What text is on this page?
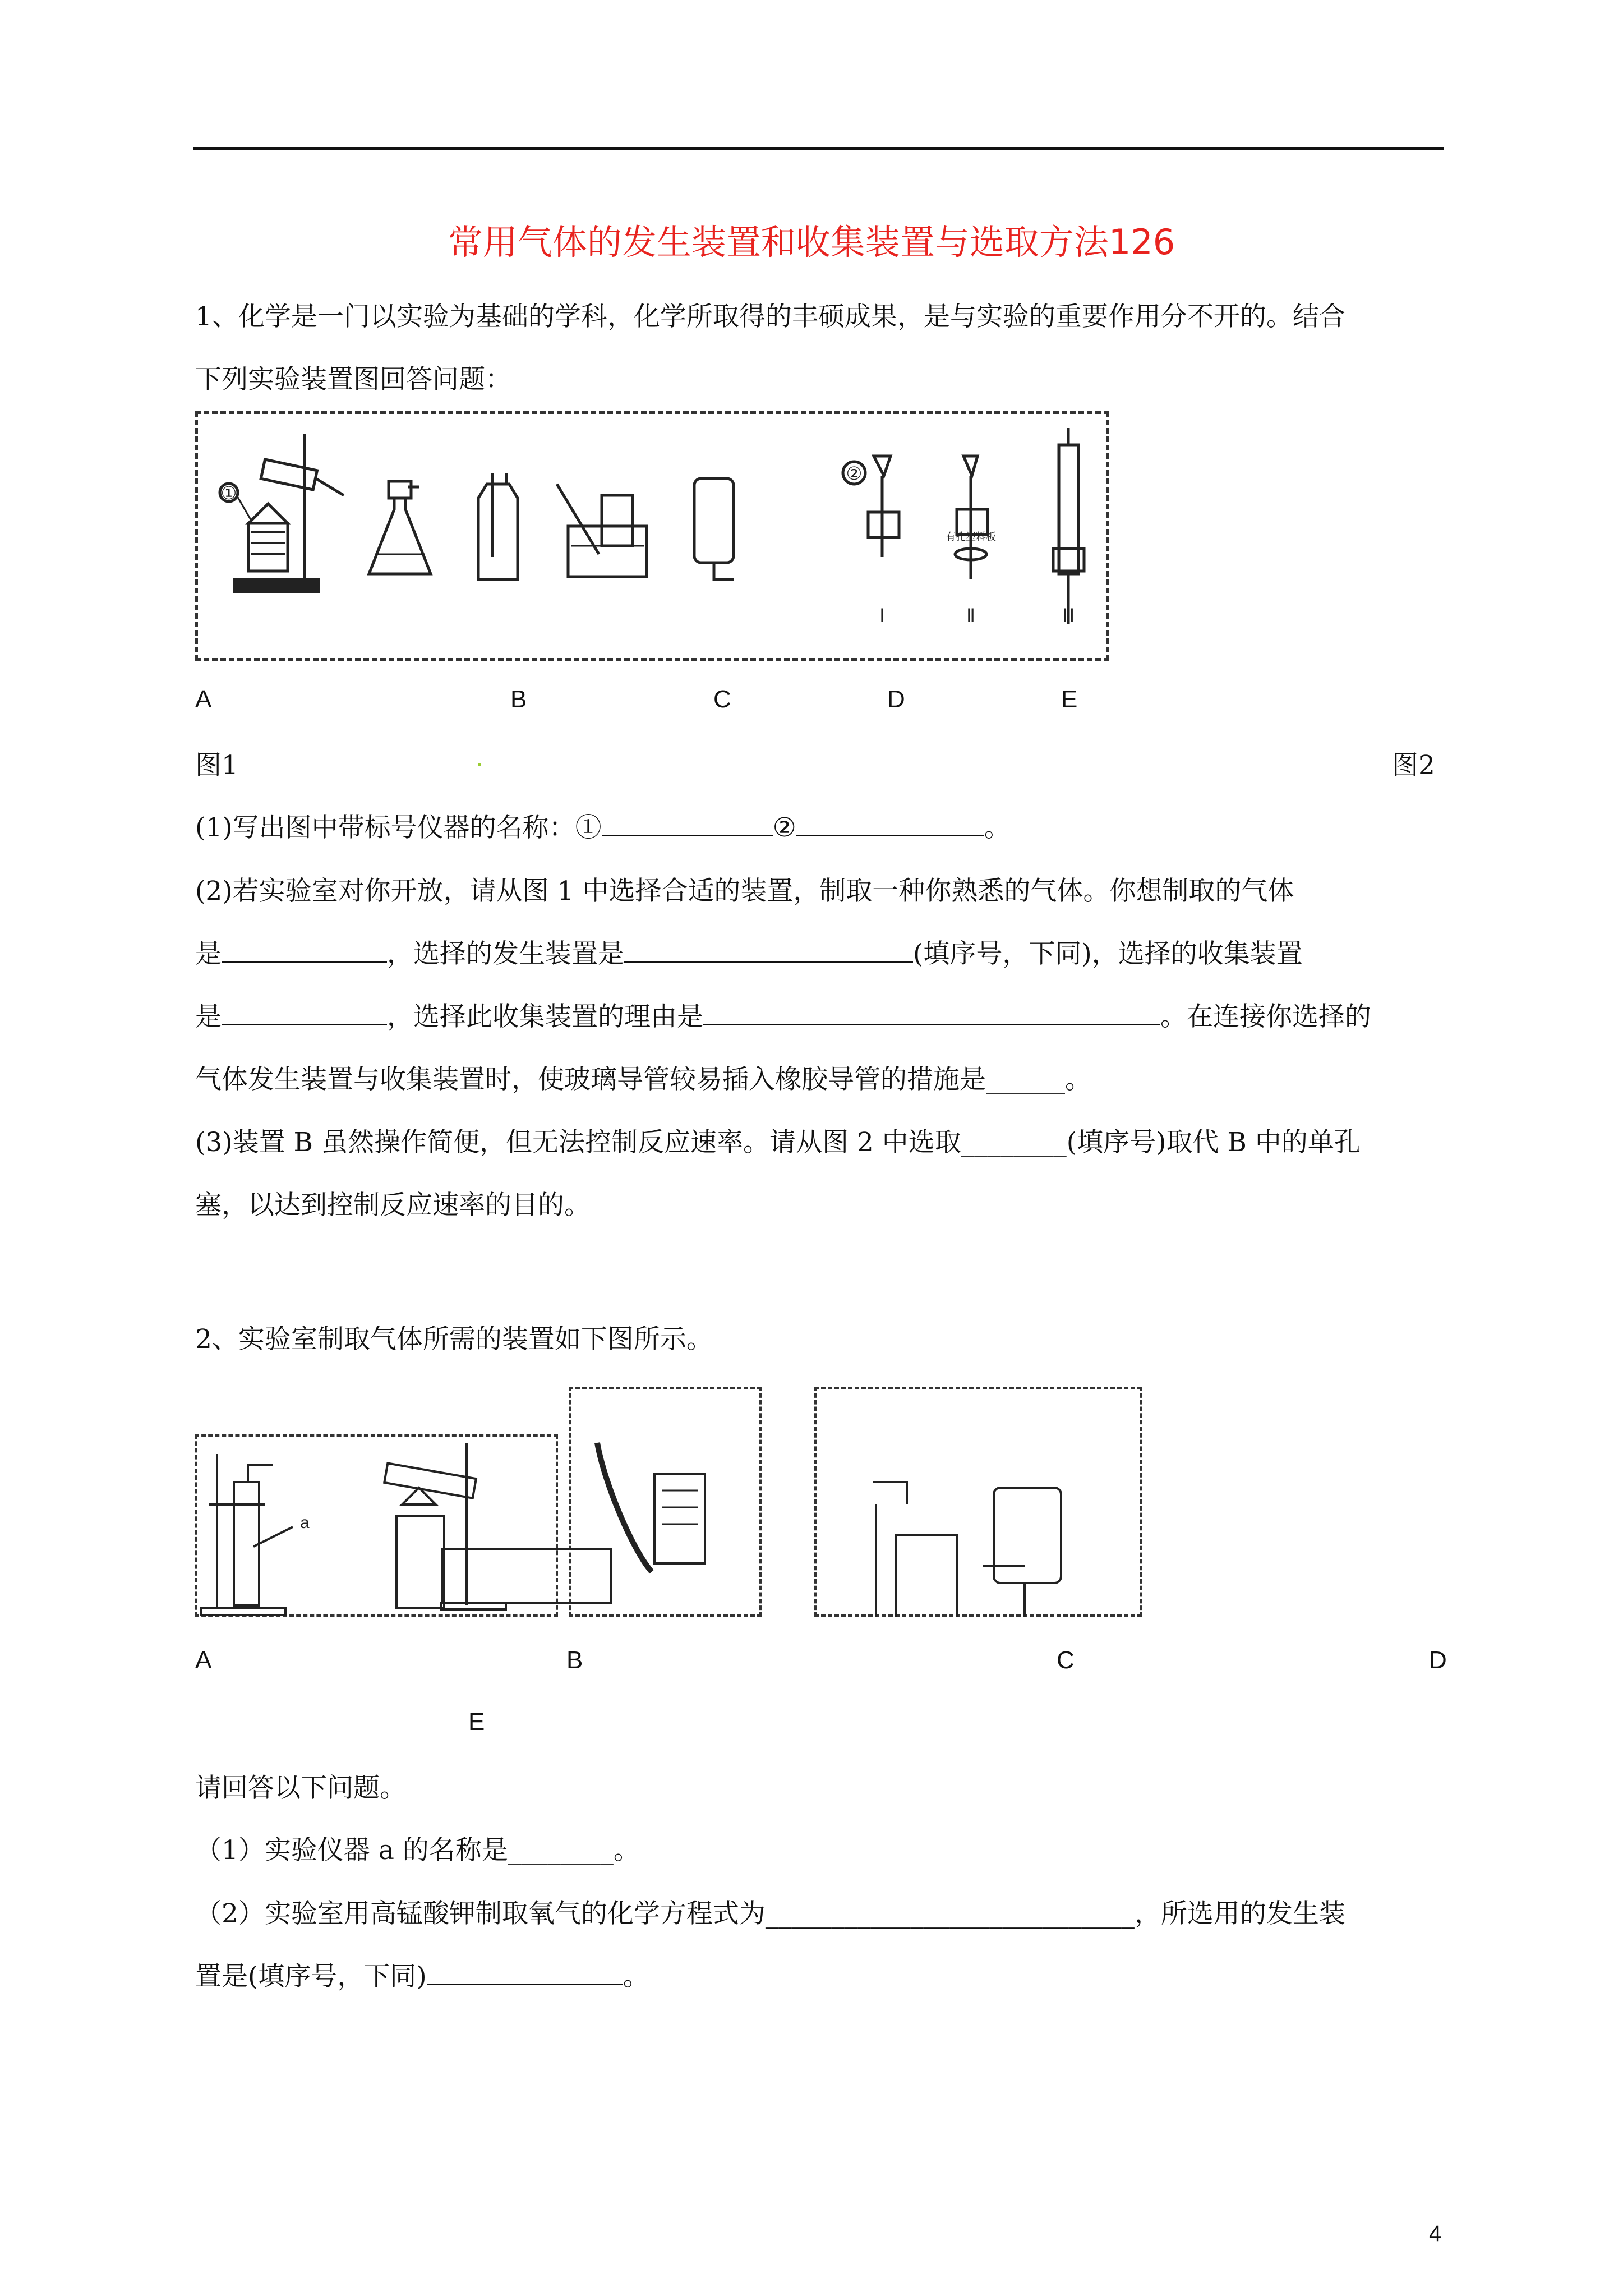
常用气体的发生装置和收集装置与选取方法126
1、化学是一门以实验为基础的学科，化学所取得的丰硕成果，是与实验的重要作用分不开的。结合
下列实验装置图回答问题：
①
②
Ⅰ	Ⅱ	Ⅲ
有孔塑料板
A	B	C	D	E
图1	图2
(1)写出图中带标号仪器的名称：①	②	。
(2)若实验室对你开放，请从图 1 中选择合适的装置，制取一种你熟悉的气体。你想制取的气体
是	，选择的发生装置是	(填序号，下同)，选择的收集装置
是	，选择此收集装置的理由是	。在连接你选择的
气体发生装置与收集装置时，使玻璃导管较易插入橡胶导管的措施是______。
(3)装置 B 虽然操作简便，但无法控制反应速率。请从图 2 中选取________(填序号)取代 B 中的单孔
塞，以达到控制反应速率的目的。
2、实验室制取气体所需的装置如下图所示。
a
A	B	C	D
E
请回答以下问题。
（1）实验仪器 a 的名称是________。
（2）实验室用高锰酸钾制取氧气的化学方程式为____________________________，所选用的发生装
置是(填序号，下同)	。
4
